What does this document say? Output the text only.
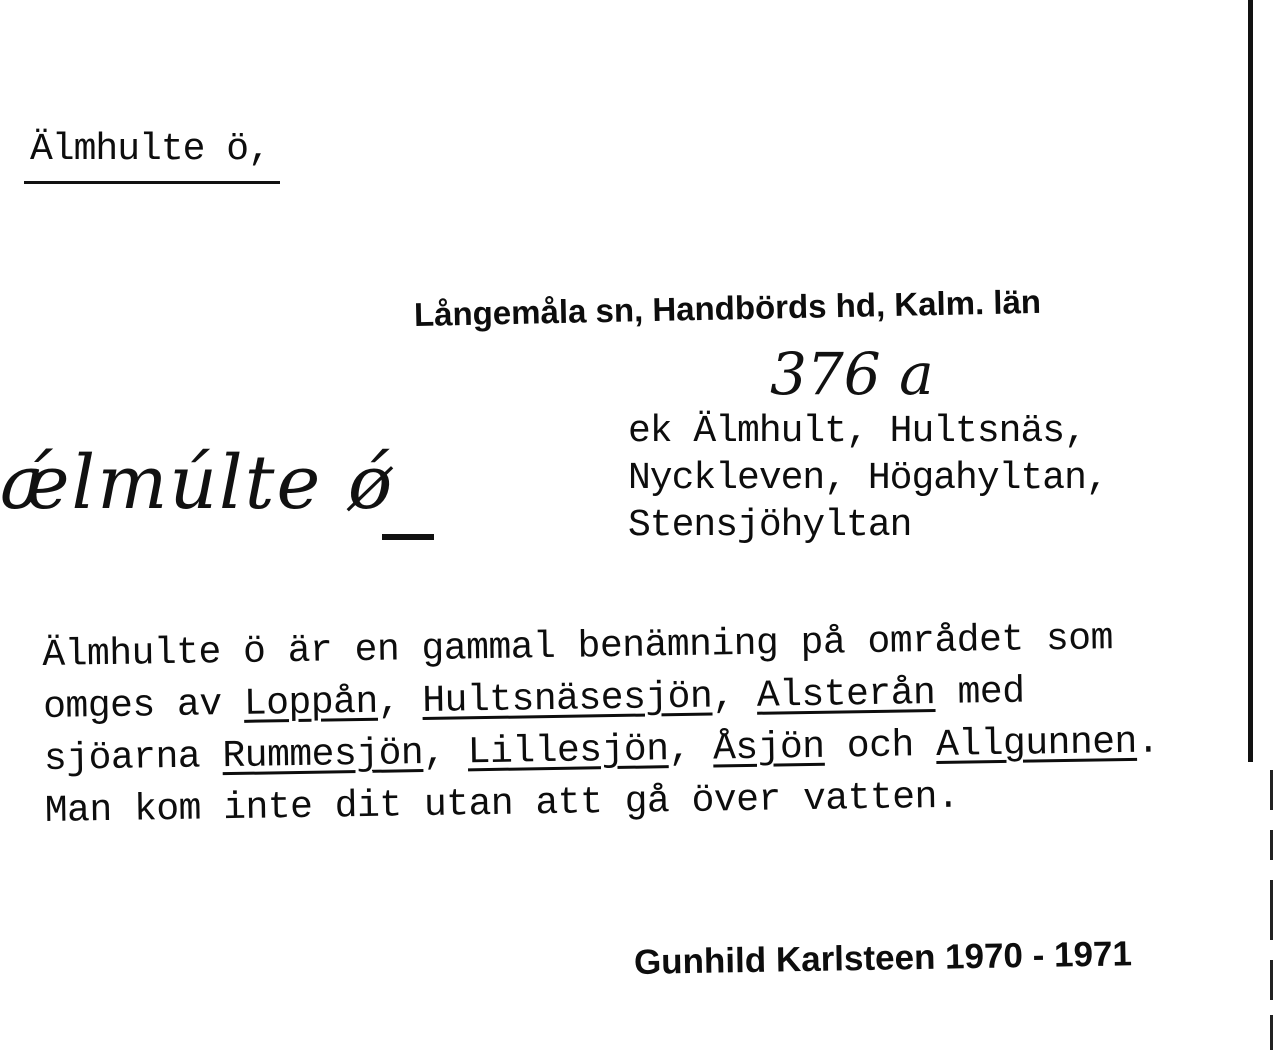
Älmhulte ö,
Långemåla sn, Handbörds hd, Kalm. län
376 a
ǽlmúlte ǿ
ek Älmhult, Hultsnäs,
Nyckleven, Högahyltan,
Stensjöhyltan
Älmhulte ö är en gammal benämning på området som
omges av Loppån, Hultsnäsesjön, Alsterån med
sjöarna Rummesjön, Lillesjön, Åsjön och Allgunnen.
Man kom inte dit utan att gå över vatten.
Gunhild Karlsteen 1970 - 1971
